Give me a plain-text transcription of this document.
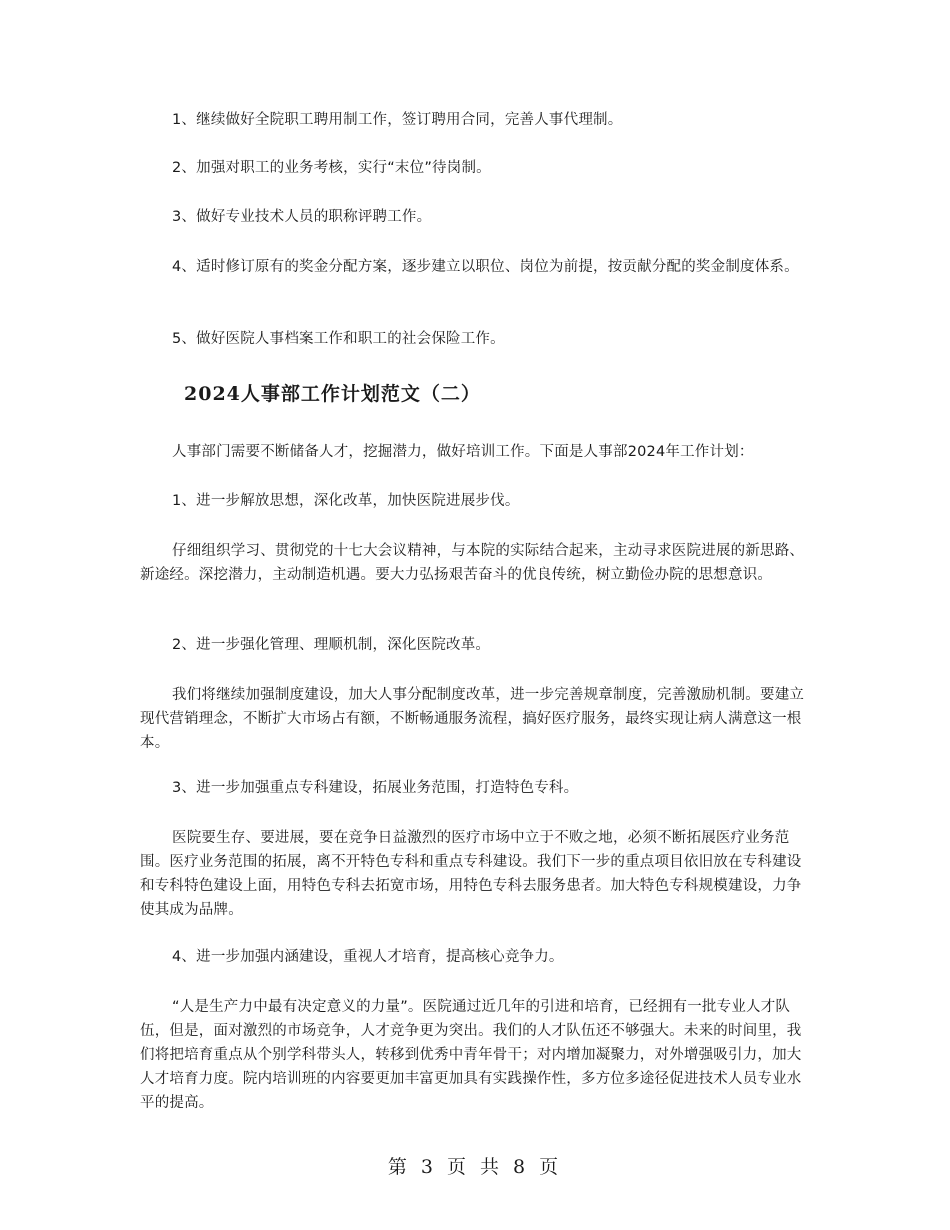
1、继续做好全院职工聘用制工作，签订聘用合同，完善人事代理制。

2、加强对职工的业务考核，实行“末位”待岗制。

3、做好专业技术人员的职称评聘工作。

4、适时修订原有的奖金分配方案，逐步建立以职位、岗位为前提，按贡献分配的奖金制度体系。

5、做好医院人事档案工作和职工的社会保险工作。

2024人事部工作计划范文（二）

人事部门需要不断储备人才，挖掘潜力，做好培训工作。下面是人事部2024年工作计划：

1、进一步解放思想，深化改革，加快医院进展步伐。

仔细组织学习、贯彻党的十七大会议精神，与本院的实际结合起来，主动寻求医院进展的新思路、新途经。深挖潜力，主动制造机遇。要大力弘扬艰苦奋斗的优良传统，树立勤俭办院的思想意识。

2、进一步强化管理、理顺机制，深化医院改革。

我们将继续加强制度建设，加大人事分配制度改革，进一步完善规章制度，完善激励机制。要建立现代营销理念，不断扩大市场占有额，不断畅通服务流程，搞好医疗服务，最终实现让病人满意这一根本。

3、进一步加强重点专科建设，拓展业务范围，打造特色专科。

医院要生存、要进展，要在竞争日益激烈的医疗市场中立于不败之地，必须不断拓展医疗业务范围。医疗业务范围的拓展，离不开特色专科和重点专科建设。我们下一步的重点项目依旧放在专科建设和专科特色建设上面，用特色专科去拓宽市场，用特色专科去服务患者。加大特色专科规模建设，力争使其成为品牌。

4、进一步加强内涵建设，重视人才培育，提高核心竞争力。

“人是生产力中最有决定意义的力量”。医院通过近几年的引进和培育，已经拥有一批专业人才队伍，但是，面对激烈的市场竞争，人才竞争更为突出。我们的人才队伍还不够强大。未来的时间里，我们将把培育重点从个别学科带头人，转移到优秀中青年骨干；对内增加凝聚力，对外增强吸引力，加大人才培育力度。院内培训班的内容要更加丰富更加具有实践操作性，多方位多途径促进技术人员专业水平的提高。

第 3 页 共 8 页
